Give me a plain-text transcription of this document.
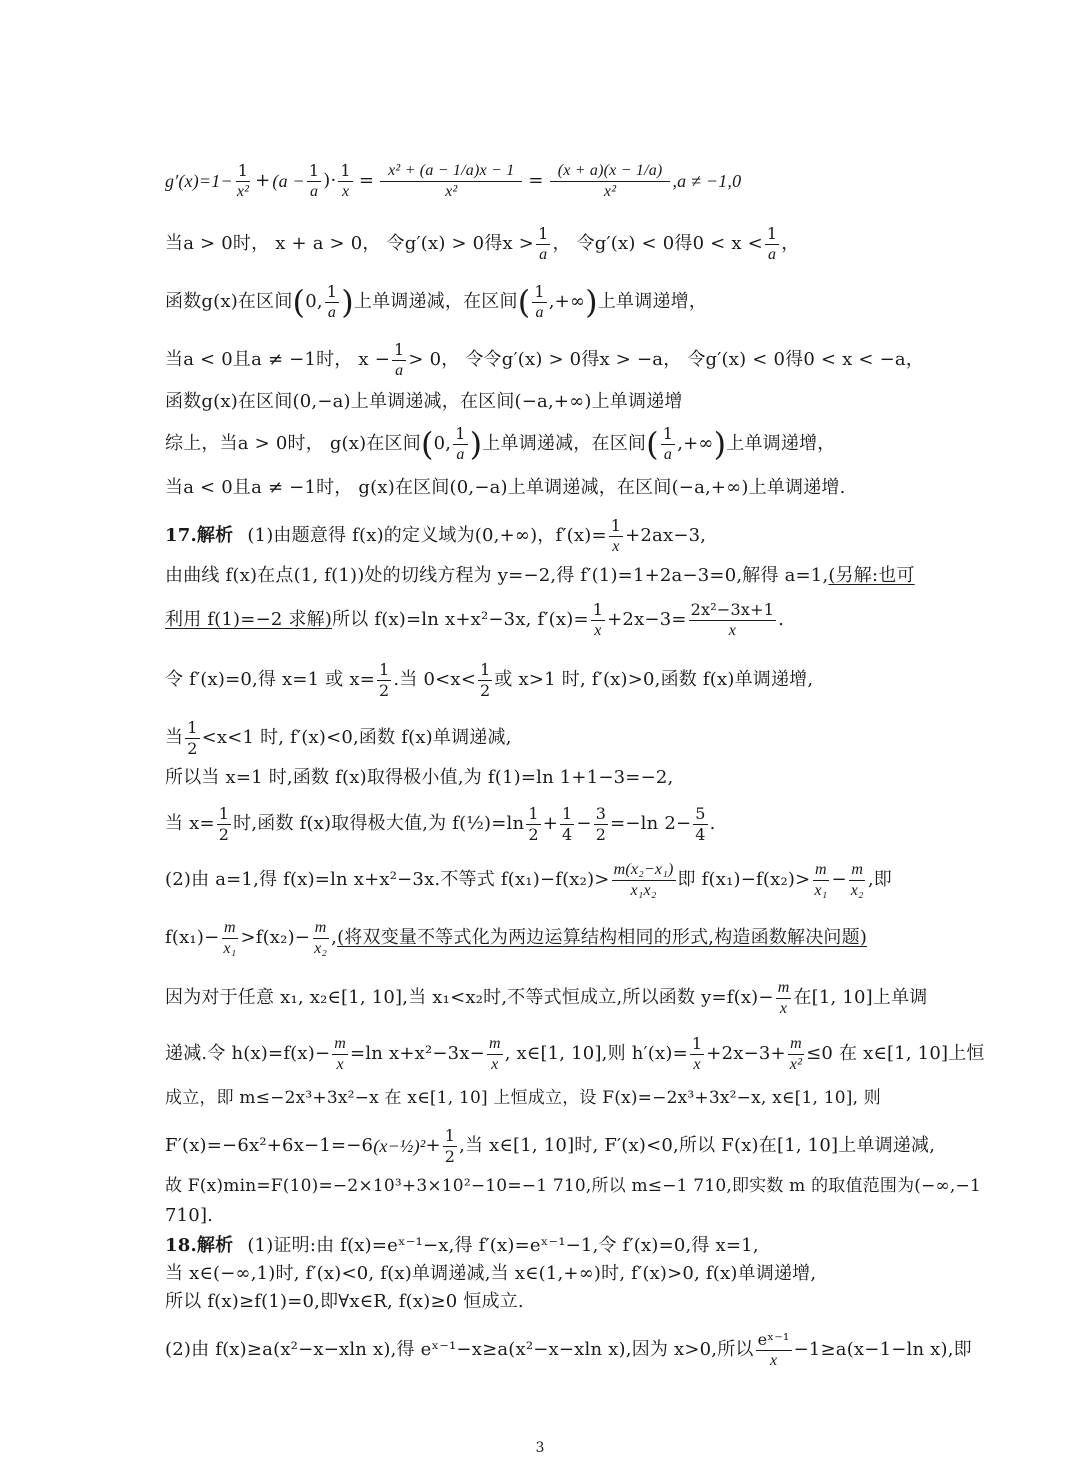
$g'(x)=1- \frac{1}{\text{x²}} + (a - \frac{1}{a}$ ) · $\frac{1}{x} = \frac{\text{x² + (a − 1/a)x − 1}}{\text{x²}} = \frac{(x + a)(x - 1/a)}{\text{x²}} ,a \ne -1,0$
当a > 0时， x + a > 0， 令g′(x) > 0得x > 1
a ， 令g′(x) < 0得0 < x < 1
a ，
函数g(x)在区间 ( 0, 1
a ) 上单调递减，在区间 ( 1
a ,+∞ ) 上单调递增，
当a < 0且a ≠ −1时， $x - \frac{1}{a} > 0$， 令令g′(x) > 0得x > −a， 令g′(x) < 0得0 < x < −a，
函数g(x)在区间(0,−a)上单调递减，在区间(−a,+∞)上单调递增
综上，当a > 0时， g(x)在区间 ( 0, 1
a ) 上单调递减，在区间 ( 1
a ,+∞ ) 上单调递增，
当a < 0且a ≠ −1时， g(x)在区间(0,−a)上单调递减，在区间(−a,+∞)上单调递增.
17.解析 (1)由题意得 f(x)的定义域为(0,+∞)，$f'(x)= \frac{1}{x} +2ax-3$,
由曲线 f(x)在点(1, f(1))处的切线方程为 y=−2,得 f′(1)=1+2a−3=0,解得 a=1,(另解:也可
利用 f(1)=−2 求解) 所以 f(x)=ln x+x²−3x, $f'(x)= \frac{1}{x} +2x-3= \frac{\text{2x²−3x+1}}{x}$ .
令 f′(x)=0,得 x=1 或 $x= \frac{1}{2}$ .当 0<x< 1
2 或 x>1 时, f′(x)>0,函数 f(x)单调递增,
当 1
2 <x<1 时, f′(x)<0,函数 f(x)单调递减,
所以当 x=1 时,函数 f(x)取得极小值,为 f(1)=ln 1+1−3=−2,
当 $x= \frac{1}{2}$ 时,函数 f(x)取得极大值,为 f (½) =ln 1
$2 + \frac{1}{4} - \frac{3}{2} =-\ln$ $2- \frac{5}{4}$ .
(2)由 a=1,得 f(x)=ln x+x²−3x.不等式 f(x₁)−f(x₂)> m(x₂−x₁)
x₁x₂ 即 f(x₁)−f(x₂)> m
$x_1 - \frac{m}{\text{x₂}}$ ,即
$f(x_1)- \frac{m}{\text{x₁}} >f(x_2)- \frac{m}{\text{x₂}}$ , (将双变量不等式化为两边运算结构相同的形式,构造函数解决问题)
因为对于任意 x₁, x₂∈[1, 10],当 x₁<x₂时,不等式恒成立,所以函数 $y=f(x)- \frac{m}{x}$ 在[1, 10]上单调
递减.令 $h(x)=f(x)- \frac{m}{x} =\ln$ $x+x^2-3x- \frac{m}{x}$ , x∈[1, 10],则 $h'(x)= \frac{1}{x} +2x-3+ \frac{m}{\text{x²}} \le 0$ 在 x∈[1, 10]上恒
成立，即 m≤−2x³+3x²−x 在 x∈[1, 10] 上恒成立，设 F(x)=−2x³+3x²−x, x∈[1, 10], 则
F′(x)=−6x²+6x−1=−6 (x−½)² + $\frac{1}{2}$ ,当 x∈[1, 10]时, F′(x)<0,所以 F(x)在[1, 10]上单调递减,
故 F(x)min=F(10)=−2×10³+3×10²−10=−1 710,所以 m≤−1 710,即实数 m 的取值范围为(−∞,−1
710].
18.解析 (1)证明:由 f(x)=eˣ⁻¹−x,得 f′(x)=eˣ⁻¹−1,令 f′(x)=0,得 x=1,
当 x∈(−∞,1)时, f′(x)<0, f(x)单调递减,当 x∈(1,+∞)时, f′(x)>0, f(x)单调递增,
所以 f(x)≥f(1)=0,即∀x∈R, f(x)≥0 恒成立.
(2)由 f(x)≥a(x²−x−xln x),得 eˣ⁻¹−x≥a(x²−x−xln x),因为 x>0,所以 eˣ⁻¹
x −1≥a(x−1−ln x),即
3
